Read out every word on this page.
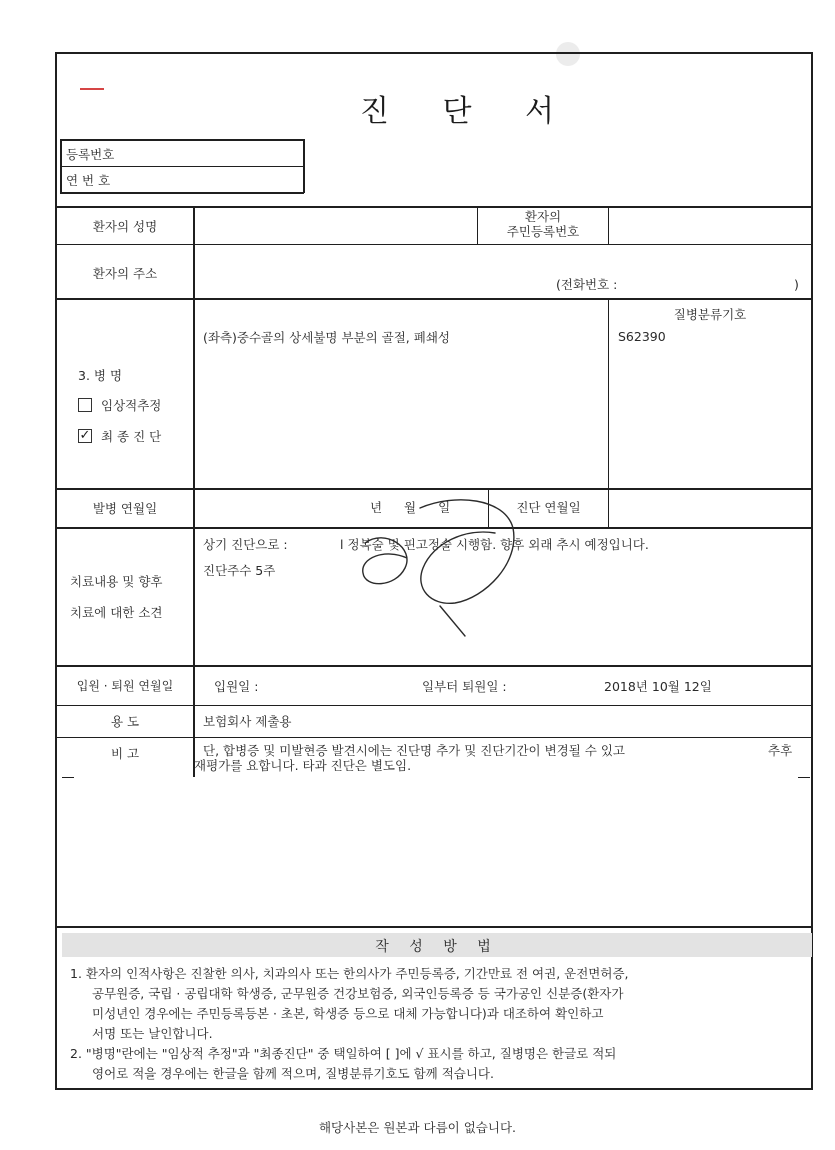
진 단 서
등록번호
연 번 호
환자의 성명
환자의
주민등록번호
환자의 주소
(전화번호 :	)
3. 병 명
임상적추정
✓ 최 종 진 단
(좌측)중수골의 상세불명 부분의 골절, 폐쇄성
질병분류기호
S62390
발병 연월일	년 월 일	진단 연월일
치료내용 및 향후
치료에 대한 소견
상기 진단으로 :	l 정복술 및 핀고정술 시행함. 향후 외래 추시 예정입니다.
진단주수 5주
입원 · 퇴원 연월일	입원일 :	일부터 퇴원일 :	2018년 10월 12일
용 도	보험회사 제출용
비 고	단, 합병증 및 미발현증 발견시에는 진단명 추가 및 진단기간이 변경될 수 있고	추후
재평가를 요합니다. 타과 진단은 별도임.
작 성 방 법
1. 환자의 인적사항은 진찰한 의사, 치과의사 또는 한의사가 주민등록증, 기간만료 전 여권, 운전면허증,
공무원증, 국립 · 공립대학 학생증, 군무원증 건강보험증, 외국인등록증 등 국가공인 신분증(환자가
미성년인 경우에는 주민등록등본 · 초본, 학생증 등으로 대체 가능합니다)과 대조하여 확인하고
서명 또는 날인합니다.
2. "병명"란에는 "임상적 추정"과 "최종진단" 중 택일하여 [ ]에 √ 표시를 하고, 질병명은 한글로 적되
영어로 적을 경우에는 한글을 함께 적으며, 질병분류기호도 함께 적습니다.
해당사본은 원본과 다름이 없습니다.
